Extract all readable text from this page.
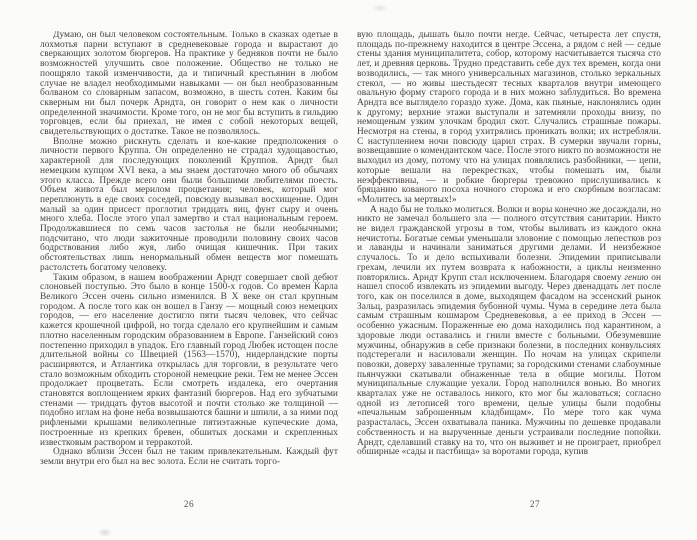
Думаю, он был человеком состоятельным. Только в сказках одетые в лохмотья парни вступают в средневековые города и вырастают до сверкающих золотом бюргеров. На практике у бедняков почти не было возможностей улучшить свое положение. Общество не только не поощряло такой изменчивости, да и типичный крестьянин в любом случае не владел необходимыми навыками — он был необразованным болваном со словарным запасом, возможно, в шесть сотен. Каким бы скверным ни был почерк Арндта, он говорит о нем как о личности определенной значимости. Кроме того, он не мог бы вступить в гильдию торговцев, если бы приехал, не имея с собой некоторых вещей, свидетельствующих о достатке. Такое не позволялось.

Вполне можно рискнуть сделать и кое-какие предположения о личности первого Круппа. Он определенно не страдал худощавостью, характерной для последующих поколений Круппов. Арндт был немецким купцом XVI века, а мы знаем достаточно много об обычаях этого класса. Прежде всего они были большими любителями поесть. Объем живота был мерилом процветания; человек, который мог переплюнуть в еде своих соседей, повсюду вызывал восхищение. Один малый за один присест проглотил тридцать яиц, фунт сыру и очень много хлеба. После этого упал замертво и стал национальным героем. Продолжавшиеся по семь часов застолья не были необычными; подсчитано, что люди зажиточные проводили половину своих часов бодрствования либо жуя, либо очищая кишечник. При таких обстоятельствах лишь ненормальный обмен веществ мог помешать растолстеть богатому человеку.

Таким образом, в нашем воображении Арндт совершает свой дебют слоновьей поступью. Это было в конце 1500-х годов. Со времен Карла Великого Эссен очень сильно изменился. В X веке он стал крупным городом. А после того как он вошел в Ганзу — мощный союз немецких городов, — его население достигло пяти тысяч человек, что сейчас кажется крошечной цифрой, но тогда сделало его крупнейшим и самым плотно населенным городским образованием в Европе. Ганзейский союз постепенно приходил в упадок. Его главный город Любек истощен после длительной войны со Швецией (1563—1570), нидерландские порты расширяются, и Атлантика открылась для торговли, в результате чего стало возможным обходить стороной немецкие реки. Тем не менее Эссен продолжает процветать. Если смотреть издалека, его очертания становятся воплощением ярких фантазий бюргеров. Над его зубчатыми стенами — тридцать футов высотой и почти столько же толщиной — подобно иглам на фоне неба возвышаются башни и шпили, а за ними под рифлеными крышами великолепные пятиэтажные купеческие дома, построенные из крепких бревен, обшитых досками и скрепленных известковым раствором и терракотой.

Однако вблизи Эссен был не таким привлекательным. Каждый фут земли внутри его был на вес золота. Если не считать торго-

26

вую площадь, дышать было почти негде. Сейчас, четыреста лет спустя, площадь по-прежнему находится в центре Эссена, а рядом с ней — седые стены здания муниципалитета, собор, которому насчитывается тысяча сто лет, и древняя церковь. Трудно представить себе дух тех времен, когда они возводились, — так много универсальных магазинов, столько зеркальных стекол, — но живы шестьдесят тесных кварталов внутри имеющего овальную форму старого города и в них можно заблудиться. Во времена Арндта все выглядело гораздо хуже. Дома, как пьяные, наклонялись один к другому; верхние этажи выступали и затемняли проходы внизу, по немощеным узким улочкам бродил скот. Случались страшные пожары. Несмотря на стены, в город ухитрялись проникать волки; их истребляли. С наступлением ночи повсюду царил страх. В сумерки звучали горны, возвещавшие о комендантском часе. После этого никто по возможности не выходил из дому, потому что на улицах появлялись разбойники, — цепи, которые вешали на перекрестках, чтобы помешать им, были неэффективны, — и робкие бюргеры тревожно прислушивались к бряцанию кованого посоха ночного сторожа и его скорбным возгласам: «Молитесь за мертвых!»

А надо бы не только молиться. Волки и воры конечно же досаждали, но никто не замечал большего зла — полного отсутствия санитарии. Никто не видел гражданской угрозы в том, чтобы выливать из каждого окна нечистоты. Богатые семьи уменьшали зловоние с помощью лепестков роз и лаванды и начинали заниматься другими делами. И неизбежное случалось. То и дело вспыхивали болезни. Эпидемии приписывали грехам, лечили их путем возврата к набожности, а циклы неизменно повторялись. Арндт Крупп стал исключением. Благодаря своему гению он нашел способ извлекать из эпидемии выгоду. Через двенадцать лет после того, как он поселился в доме, выходящем фасадом на эссенский рынок Зальц, разразилась эпидемия бубонной чумы. Чума в середине лета была самым страшным кошмаром Средневековья, а ее приход в Эссен — особенно ужасным. Пораженные ею дома находились под карантином, а здоровые люди оставались и гнили вместе с больными. Обезумевшие мужчины, обнаружив в себе признаки болезни, в последних конвульсиях подстерегали и насиловали женщин. По ночам на улицах скрипели повозки, доверху заваленные трупами; за городскими стенами слабоумные пьянчужки скатывали обнаженные тела в общие могилы. Потом муниципальные служащие уехали. Город наполнился вонью. Во многих кварталах уже не оставалось никого, кто мог бы жаловаться; согласно одной из летописей того времени, целые улицы были подобны «печальным заброшенным кладбищам». По мере того как чума разрасталась, Эссен охватывала паника. Мужчины по дешевке продавали собственность и на вырученные деньги устраивали последние попойки. Арндт, сделавший ставку на то, что он выживет и не проиграет, приобрел обширные «сады и пастбища» за воротами города, купив

27
